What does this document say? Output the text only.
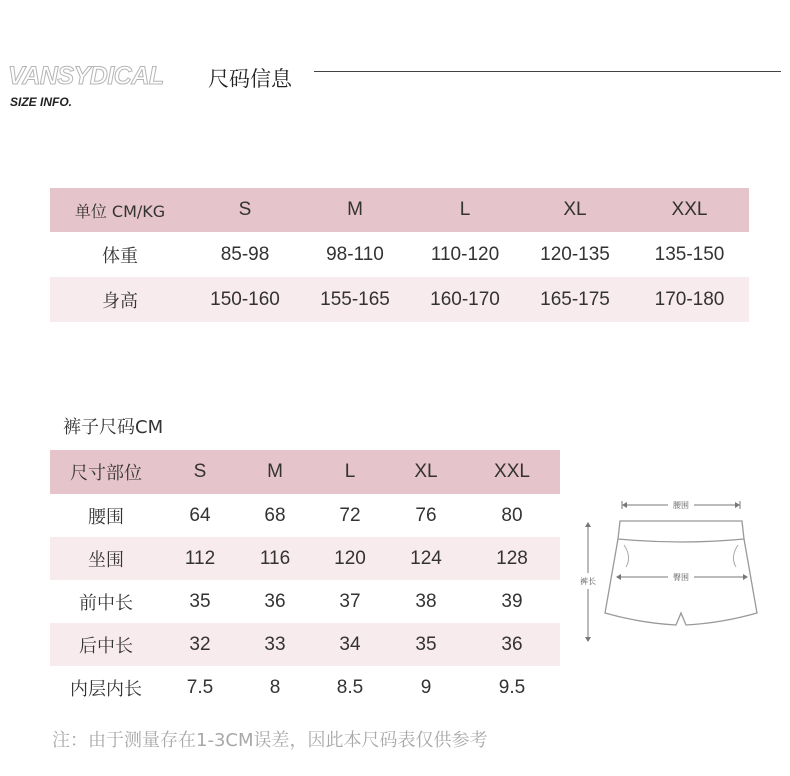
VANSYDICAL 尺码信息
SIZE INFO.
单位 CM/KG	S	M	L	XL	XXL
体重	85-98	98-110	110-120	120-135	135-150
身高	150-160	155-165	160-170	165-175	170-180
裤子尺码CM
尺寸部位	S	M	L	XL	XXL
腰围	64	68	72	76	80
坐围	112	116	120	124	128
前中长	35	36	37	38	39
后中长	32	33	34	35	36
内层内长	7.5	8	8.5	9	9.5
腰围
臀围
裤长
注：由于测量存在1-3CM误差，因此本尺码表仅供参考
